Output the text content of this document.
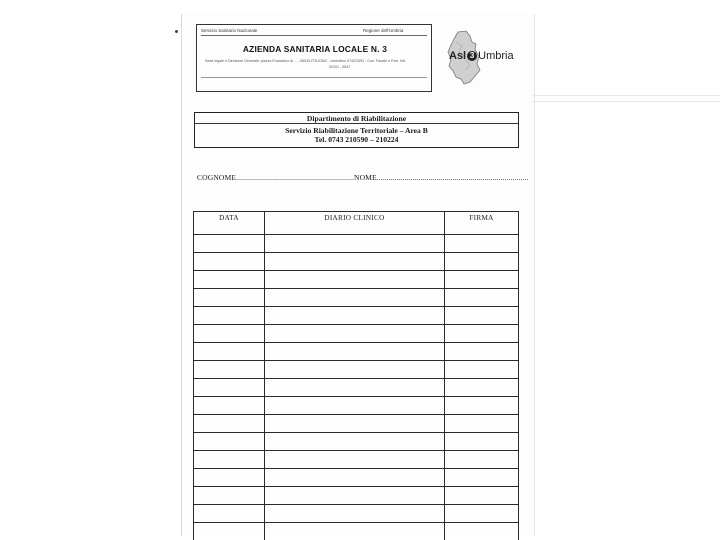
Servizio Sanitario Nazionale	Regione dell'Umbria
AZIENDA SANITARIA LOCALE N. 3
Sede legale e Direzione Generale: piazza Francesco di ... - 06034 FOLIGNO - centralino 0742/3391 - Cod. Fiscale e Part. IVA
02101 - 0547
Asl 3 Umbria
Dipartimento di Riabilitazione
Servizio Riabilitazione Territoriale – Area B
Tel. 0743 210590 – 210224
COGNOME...........................................................NOME............................................................................
DATA	DIARIO CLINICO	FIRMA
